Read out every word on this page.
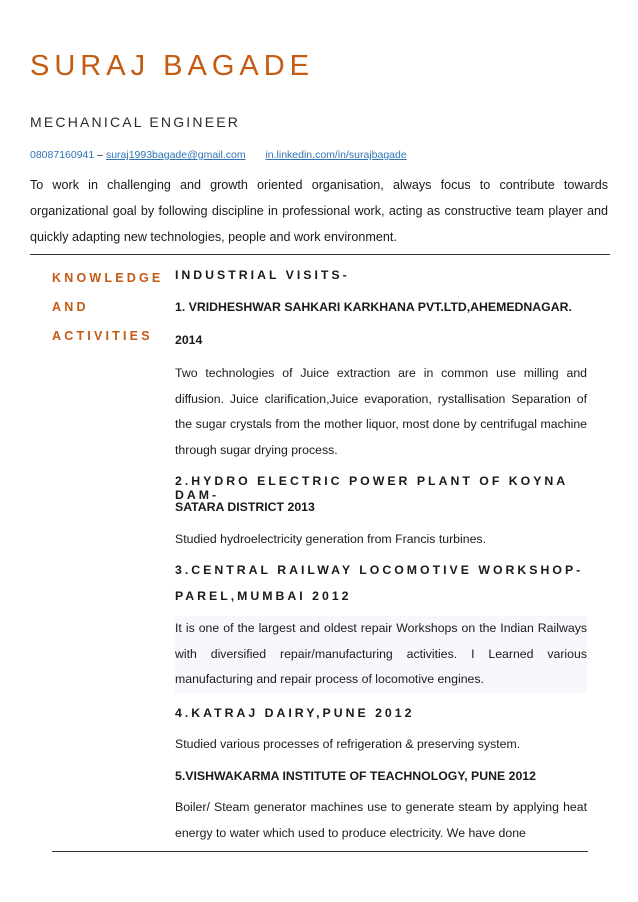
SURAJ BAGADE
MECHANICAL ENGINEER
08087160941 – suraj1993bagade@gmail.com in.linkedin.com/in/surajbagade
To work in challenging and growth oriented organisation, always focus to contribute towards organizational goal by following discipline in professional work, acting as constructive team player and quickly adapting new technologies, people and work environment.
KNOWLEDGE
AND
ACTIVITIES
INDUSTRIAL VISITS-
1. VRIDHESHWAR SAHKARI KARKHANA PVT.LTD,AHEMEDNAGAR.
2014
Two technologies of Juice extraction are in common use milling and diffusion. Juice clarification,Juice evaporation, rystallisation Separation of the sugar crystals from the mother liquor, most done by centrifugal machine through sugar drying process.
2.HYDRO ELECTRIC POWER PLANT OF KOYNA DAM-
SATARA DISTRICT 2013
Studied hydroelectricity generation from Francis turbines.
3.CENTRAL RAILWAY LOCOMOTIVE WORKSHOP-
PAREL,MUMBAI 2012
It is one of the largest and oldest repair Workshops on the Indian Railways with diversified repair/manufacturing activities. I Learned various manufacturing and repair process of locomotive engines.
4.KATRAJ DAIRY,PUNE 2012
Studied various processes of refrigeration & preserving system.
5.VISHWAKARMA INSTITUTE OF TEACHNOLOGY, PUNE 2012
Boiler/ Steam generator machines use to generate steam by applying heat energy to water which used to produce electricity. We have done
